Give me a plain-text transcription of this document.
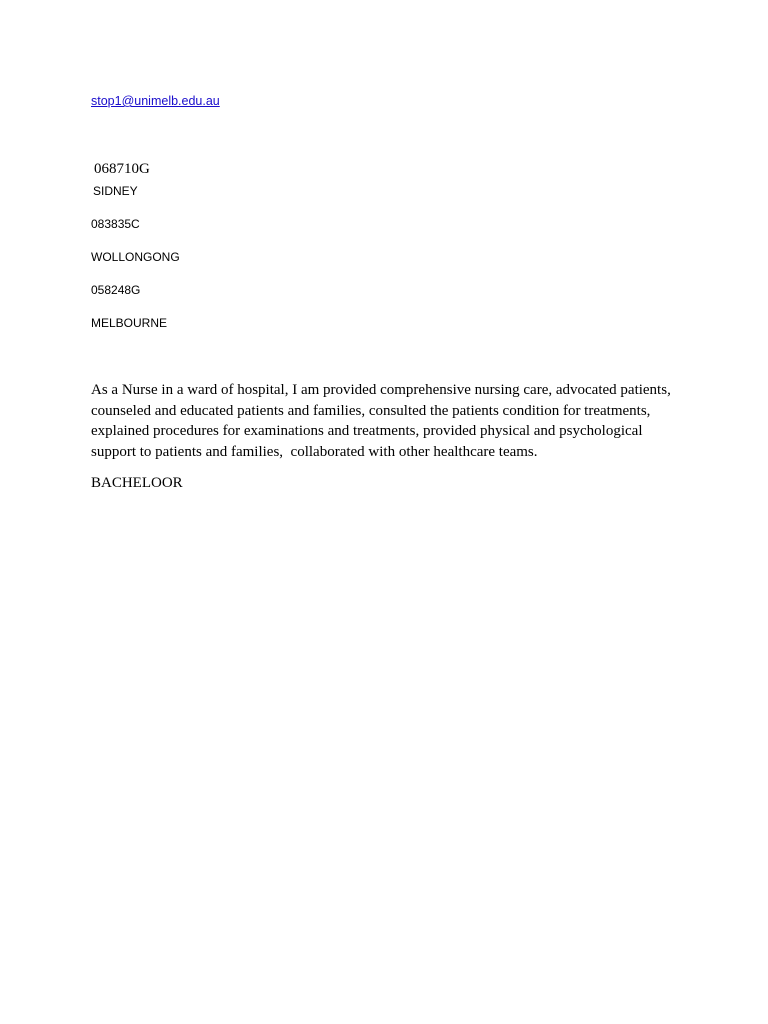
stop1@unimelb.edu.au
068710G
SIDNEY
083835C
WOLLONGONG
058248G
MELBOURNE
As a Nurse in a ward of hospital, I am provided comprehensive nursing care, advocated patients,
counseled and educated patients and families, consulted the patients condition for treatments,
explained procedures for examinations and treatments, provided physical and psychological
support to patients and families,  collaborated with other healthcare teams.
BACHELOOR
